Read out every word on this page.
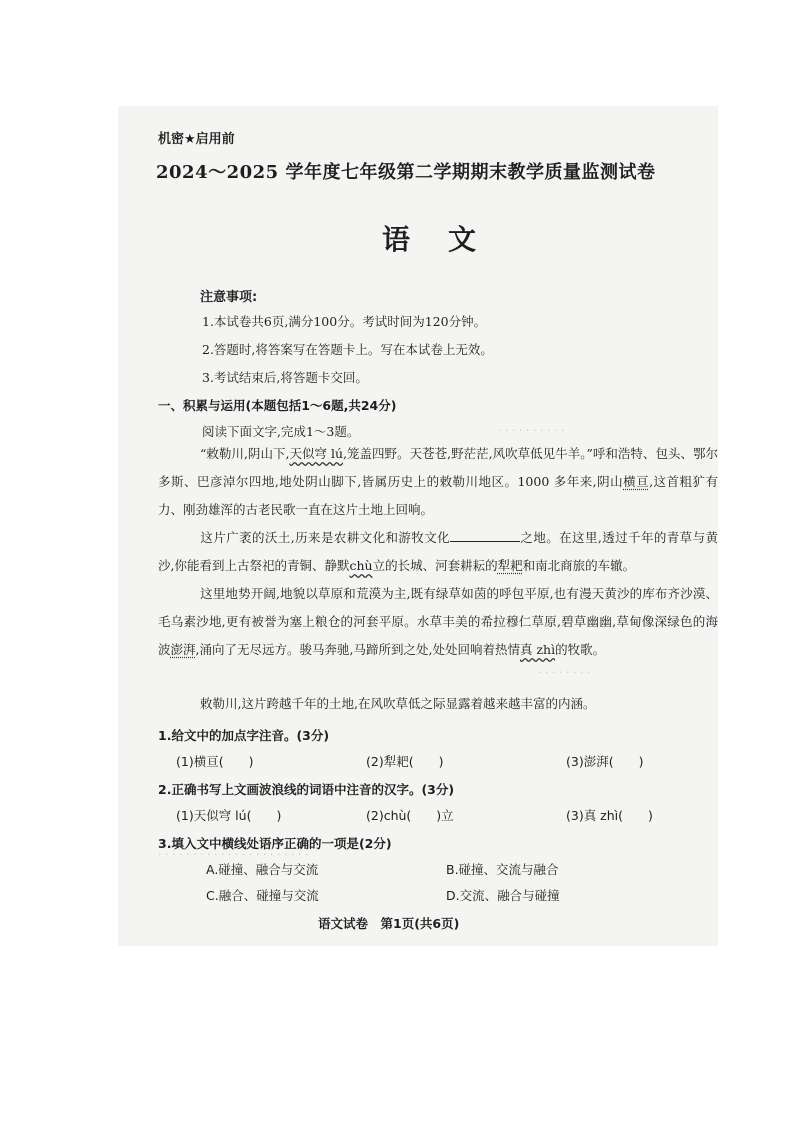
· · · · · · · · · ·
· · · · · · · ·
· · · · · · · · · · · · · · · · · · · · · ·
机密★启用前
2024～2025 学年度七年级第二学期期末教学质量监测试卷
语文
注意事项:
1.本试卷共6页,满分100分。考试时间为120分钟。
2.答题时,将答案写在答题卡上。写在本试卷上无效。
3.考试结束后,将答题卡交回。
一、积累与运用(本题包括1～6题,共24分)
阅读下面文字,完成1～3题。
“敕勒川,阴山下,天似穹 lú,笼盖四野。天苍苍,野茫茫,风吹草低见牛羊。”呼和浩特、包头、鄂尔多斯、巴彦淖尔四地,地处阴山脚下,皆属历史上的敕勒川地区。1000 多年来,阴山横亘,这首粗犷有力、刚劲雄浑的古老民歌一直在这片土地上回响。
这片广袤的沃土,历来是农耕文化和游牧文化	之地。在这里,透过千年的青草与黄沙,你能看到上古祭祀的青铜、静默chù立的长城、河套耕耘的犁耙和南北商旅的车辙。
这里地势开阔,地貌以草原和荒漠为主,既有绿草如茵的呼包平原,也有漫天黄沙的库布齐沙漠、毛乌素沙地,更有被誉为塞上粮仓的河套平原。水草丰美的希拉穆仁草原,碧草幽幽,草甸像深绿色的海波澎湃,涌向了无尽远方。骏马奔驰,马蹄所到之处,处处回响着热情真 zhì的牧歌。
敕勒川,这片跨越千年的土地,在风吹草低之际显露着越来越丰富的内涵。
1.给文中的加点字注音。(3分)
(1)横亘(　　)	(2)犁耙(　　)	(3)澎湃(　　)
2.正确书写上文画波浪线的词语中注音的汉字。(3分)
(1)天似穹 lú(　　)	(2)chù(　　)立	(3)真 zhì(　　)
3.填入文中横线处语序正确的一项是(2分)
A.碰撞、融合与交流	B.碰撞、交流与融合
C.融合、碰撞与交流	D.交流、融合与碰撞
语文试卷　第1页(共6页)
